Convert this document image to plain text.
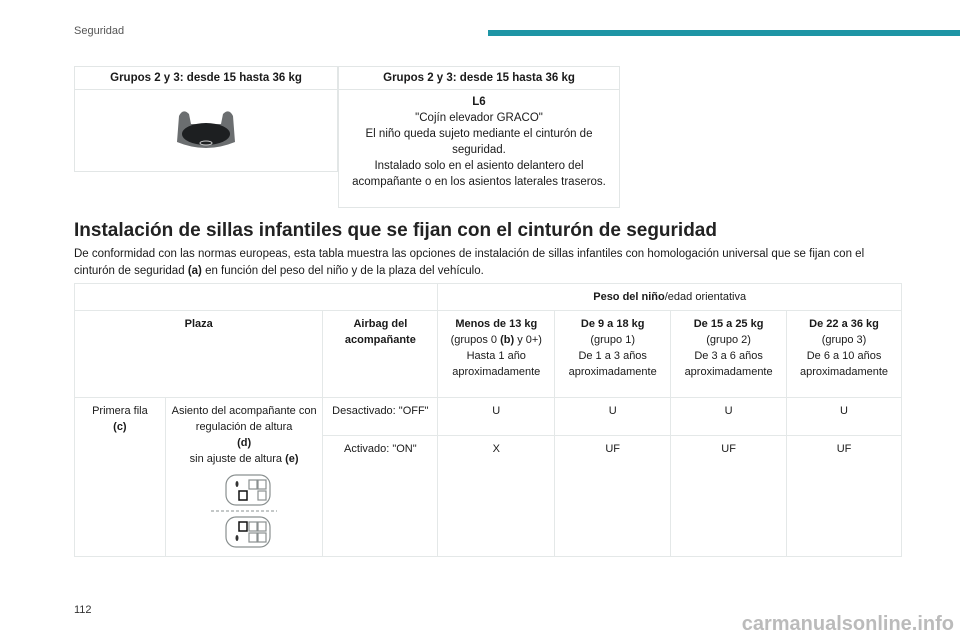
Seguridad
Grupos 2 y 3: desde 15 hasta 36 kg	Grupos 2 y 3: desde 15 hasta 36 kg
L6
"Cojín elevador GRACO"
El niño queda sujeto mediante el cinturón de seguridad.
Instalado solo en el asiento delantero del acompañante o en los asientos laterales traseros.
Instalación de sillas infantiles que se fijan con el cinturón de seguridad

De conformidad con las normas europeas, esta tabla muestra las opciones de instalación de sillas infantiles con homologación universal que se fijan con el cinturón de seguridad (a) en función del peso del niño y de la plaza del vehículo.

			Peso del niño/edad orientativa			
Plaza		Airbag del acompañante	Menos de 13 kg
(grupos 0 (b) y 0+)
Hasta 1 año aproximadamente	De 9 a 18 kg
(grupo 1)
De 1 a 3 años aproximadamente	De 15 a 25 kg
(grupo 2)
De 3 a 6 años aproximadamente	De 22 a 36 kg
(grupo 3)
De 6 a 10 años aproximadamente
Primera fila
(c)	Asiento del acompañante con regulación de altura
(d)
sin ajuste de altura (e)	Desactivado: "OFF"	U	U	U	U
		Activado: "ON"	X	UF	UF	UF
112
carmanualsonline.info
